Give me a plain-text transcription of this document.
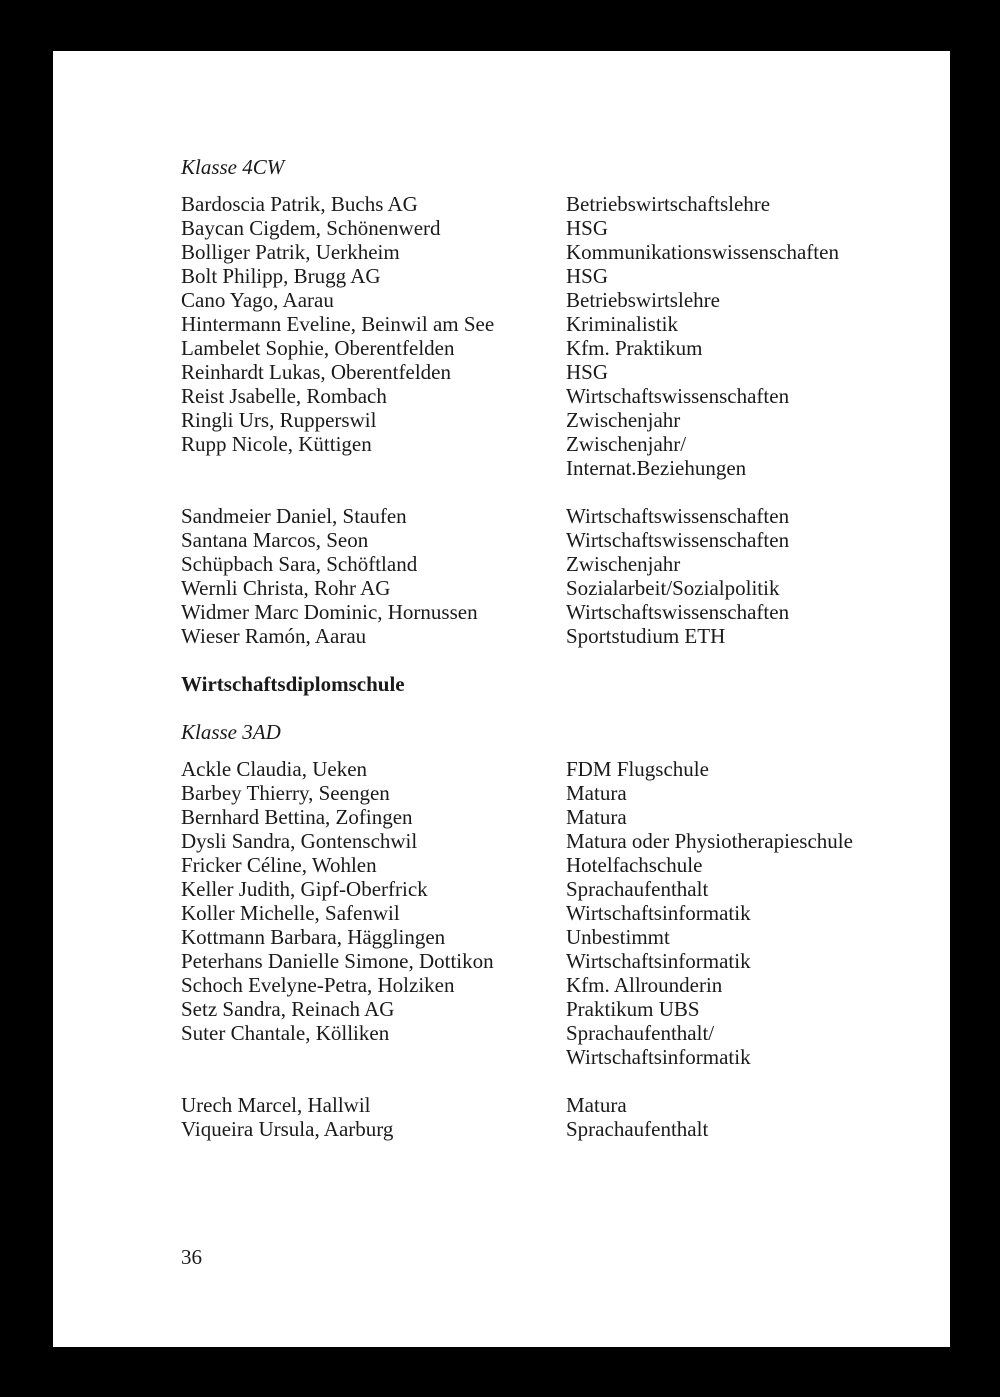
Klasse 4CW
Bardoscia Patrik, Buchs AG	Betriebswirtschaftslehre
Baycan Cigdem, Schönenwerd	HSG
Bolliger Patrik, Uerkheim	Kommunikationswissenschaften
Bolt Philipp, Brugg AG	HSG
Cano Yago, Aarau	Betriebswirtslehre
Hintermann Eveline, Beinwil am See	Kriminalistik
Lambelet Sophie, Oberentfelden	Kfm. Praktikum
Reinhardt Lukas, Oberentfelden	HSG
Reist Jsabelle, Rombach	Wirtschaftswissenschaften
Ringli Urs, Rupperswil	Zwischenjahr
Rupp Nicole, Küttigen	Zwischenjahr/
Internat.Beziehungen
Sandmeier Daniel, Staufen	Wirtschaftswissenschaften
Santana Marcos, Seon	Wirtschaftswissenschaften
Schüpbach Sara, Schöftland	Zwischenjahr
Wernli Christa, Rohr AG	Sozialarbeit/Sozialpolitik
Widmer Marc Dominic, Hornussen	Wirtschaftswissenschaften
Wieser Ramón, Aarau	Sportstudium ETH
Wirtschaftsdiplomschule
Klasse 3AD
Ackle Claudia, Ueken	FDM Flugschule
Barbey Thierry, Seengen	Matura
Bernhard Bettina, Zofingen	Matura
Dysli Sandra, Gontenschwil	Matura oder Physiotherapieschule
Fricker Céline, Wohlen	Hotelfachschule
Keller Judith, Gipf-Oberfrick	Sprachaufenthalt
Koller Michelle, Safenwil	Wirtschaftsinformatik
Kottmann Barbara, Hägglingen	Unbestimmt
Peterhans Danielle Simone, Dottikon	Wirtschaftsinformatik
Schoch Evelyne-Petra, Holziken	Kfm. Allrounderin
Setz Sandra, Reinach AG	Praktikum UBS
Suter Chantale, Kölliken	Sprachaufenthalt/
Wirtschaftsinformatik
Urech Marcel, Hallwil	Matura
Viqueira Ursula, Aarburg	Sprachaufenthalt
36
